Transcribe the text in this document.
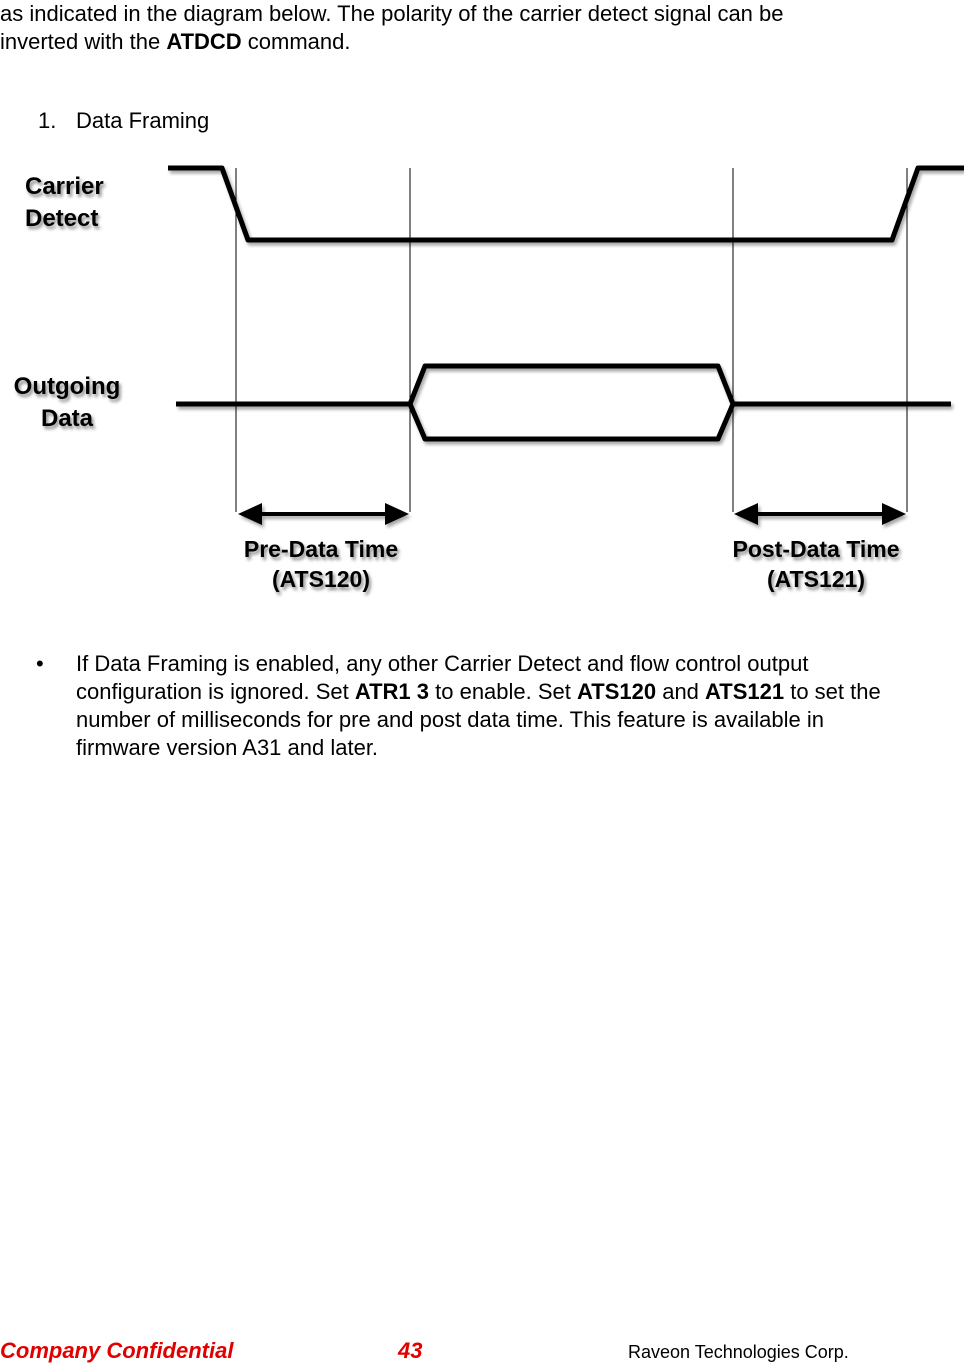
as indicated in the diagram below. The polarity of the carrier detect signal can be
inverted with the ATDCD command.

1. Data Framing

Carrier
Detect
Outgoing
Data
Pre-Data Time
(ATS120)
Post-Data Time
(ATS121)
• If Data Framing is enabled, any other Carrier Detect and flow control output configuration is ignored. Set ATR1 3 to enable. Set ATS120 and ATS121 to set the number of milliseconds for pre and post data time. This feature is available in firmware version A31 and later.
Company Confidential	43	Raveon Technologies Corp.
